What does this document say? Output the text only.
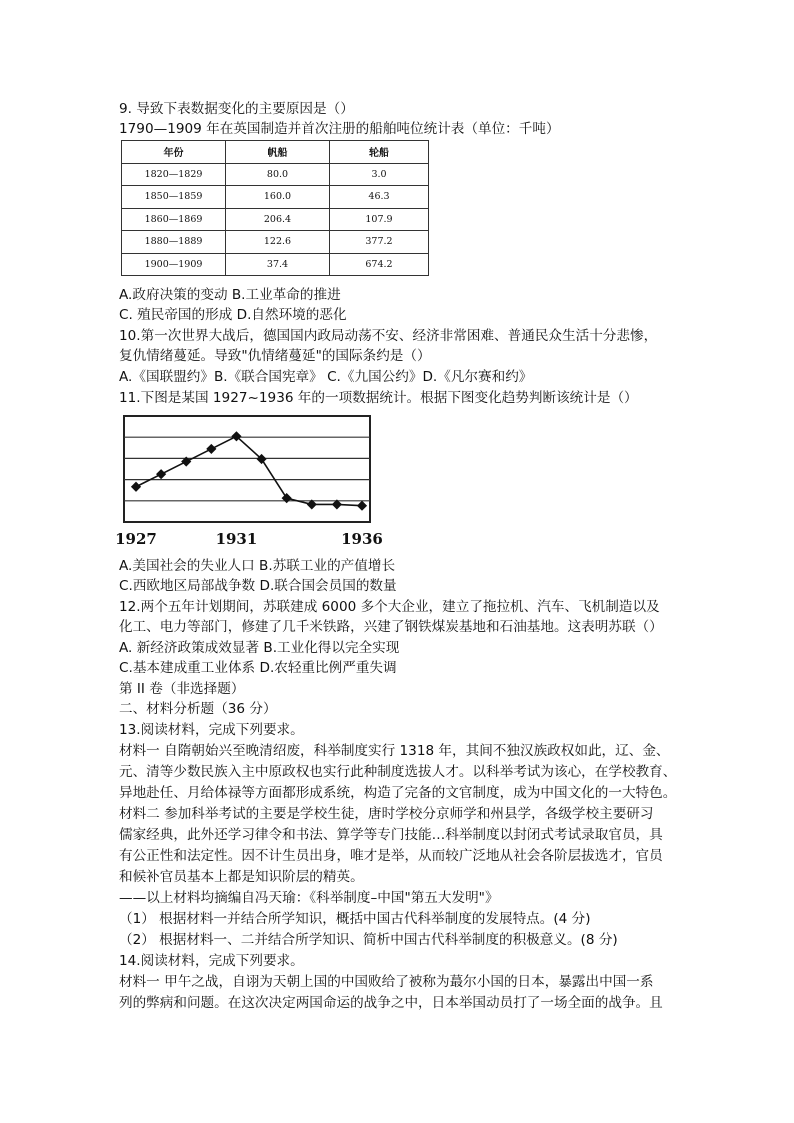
9. 导致下表数据变化的主要原因是（）
1790—1909 年在英国制造并首次注册的船舶吨位统计表（单位：千吨）
年份	帆船	轮船
1820—1829	80.0	3.0
1850—1859	160.0	46.3
1860—1869	206.4	107.9
1880—1889	122.6	377.2
1900—1909	37.4	674.2
A.政府决策的变动 B.工业革命的推进
C. 殖民帝国的形成 D.自然环境的恶化
10.第一次世界大战后，德国国内政局动荡不安、经济非常困难、普通民众生活十分悲惨，
复仇情绪蔓延。导致"仇情绪蔓延"的国际条约是（）
A.《国联盟约》B.《联合国宪章》 C.《九国公约》D.《凡尔赛和约》
11.下图是某国 1927~1936 年的一项数据统计。根据下图变化趋势判断该统计是（）
1927	1931	1936
A.美国社会的失业人口 B.苏联工业的产值增长
C.西欧地区局部战争数 D.联合国会员国的数量
12.两个五年计划期间，苏联建成 6000 多个大企业，建立了拖拉机、汽车、飞机制造以及
化工、电力等部门，修建了几千米铁路，兴建了钢铁煤炭基地和石油基地。这表明苏联（）
A. 新经济政策成效显著 B.工业化得以完全实现
C.基本建成重工业体系 D.农轻重比例严重失调
第 II 卷（非选择题）
二、材料分析题（36 分）
13.阅读材料，完成下列要求。
材料一 自隋朝始兴至晚清绍废，科举制度实行 1318 年，其间不独汉族政权如此，辽、金、
元、清等少数民族入主中原政权也实行此种制度选拔人才。以科举考试为该心，在学校教育、
异地赴任、月给体禄等方面都形成系统，构造了完备的文官制度，成为中国文化的一大特色。
材料二 参加科举考试的主要是学校生徒，唐时学校分京师学和州县学，各级学校主要研习
儒家经典，此外还学习律令和书法、算学等专门技能…科举制度以封闭式考试录取官员，具
有公正性和法定性。因不计生员出身，唯才是举，从而较广泛地从社会各阶层拔选才，官员
和候补官员基本上都是知识阶层的精英。
——以上材料均摘编自冯天瑜：《科举制度–中国"第五大发明"》
（1） 根据材料一并结合所学知识，概括中国古代科举制度的发展特点。(4 分)
（2） 根据材料一、二并结合所学知识、简析中国古代科举制度的积极意义。(8 分)
14.阅读材料，完成下列要求。
材料一 甲午之战，自诩为天朝上国的中国败给了被称为蕞尔小国的日本，暴露出中国一系
列的弊病和问题。在这次决定两国命运的战争之中，日本举国动员打了一场全面的战争。且
